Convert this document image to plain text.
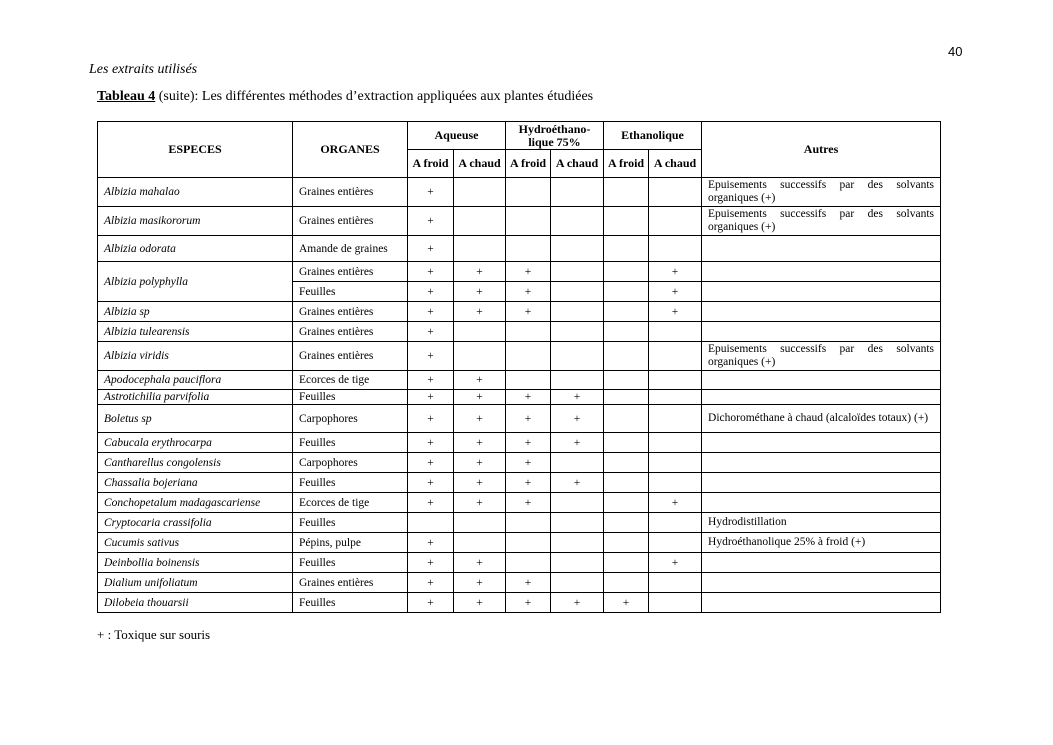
40
Les extraits utilisés
Tableau 4 (suite): Les différentes méthodes d’extraction appliquées aux plantes étudiées
ESPECES	ORGANES	Aqueuse		Hydroéthano-lique 75%		Ethanolique		Autres
		A froid	A chaud	A froid	A chaud	A froid	A chaud	
Albizia mahalao	Graines entières	+						Epuisements successifs par des solvants organiques (+)
Albizia masikororum	Graines entières	+						Epuisements successifs par des solvants organiques (+)
Albizia odorata	Amande de graines	+						
Albizia polyphylla	Graines entières	+	+	+			+	
	Feuilles	+	+	+			+	
Albizia sp	Graines entières	+	+	+			+	
Albizia tulearensis	Graines entières	+						
Albizia viridis	Graines entières	+						Epuisements successifs par des solvants organiques (+)
Apodocephala pauciflora	Ecorces de tige	+	+					
Astrotichilia parvifolia	Feuilles	+	+	+	+			
Boletus sp	Carpophores	+	+	+	+			Dichorométhane à chaud (alcaloïdes totaux) (+)
Cabucala erythrocarpa	Feuilles	+	+	+	+			
Cantharellus congolensis	Carpophores	+	+	+				
Chassalia bojeriana	Feuilles	+	+	+	+			
Conchopetalum madagascariense	Ecorces de tige	+	+	+			+	
Cryptocaria crassifolia	Feuilles							Hydrodistillation
Cucumis sativus	Pépins, pulpe	+						Hydroéthanolique 25% à froid (+)
Deinbollia boinensis	Feuilles	+	+				+	
Dialium unifoliatum	Graines entières	+	+	+				
Dilobeia thouarsii	Feuilles	+	+	+	+	+		
+ : Toxique sur souris
